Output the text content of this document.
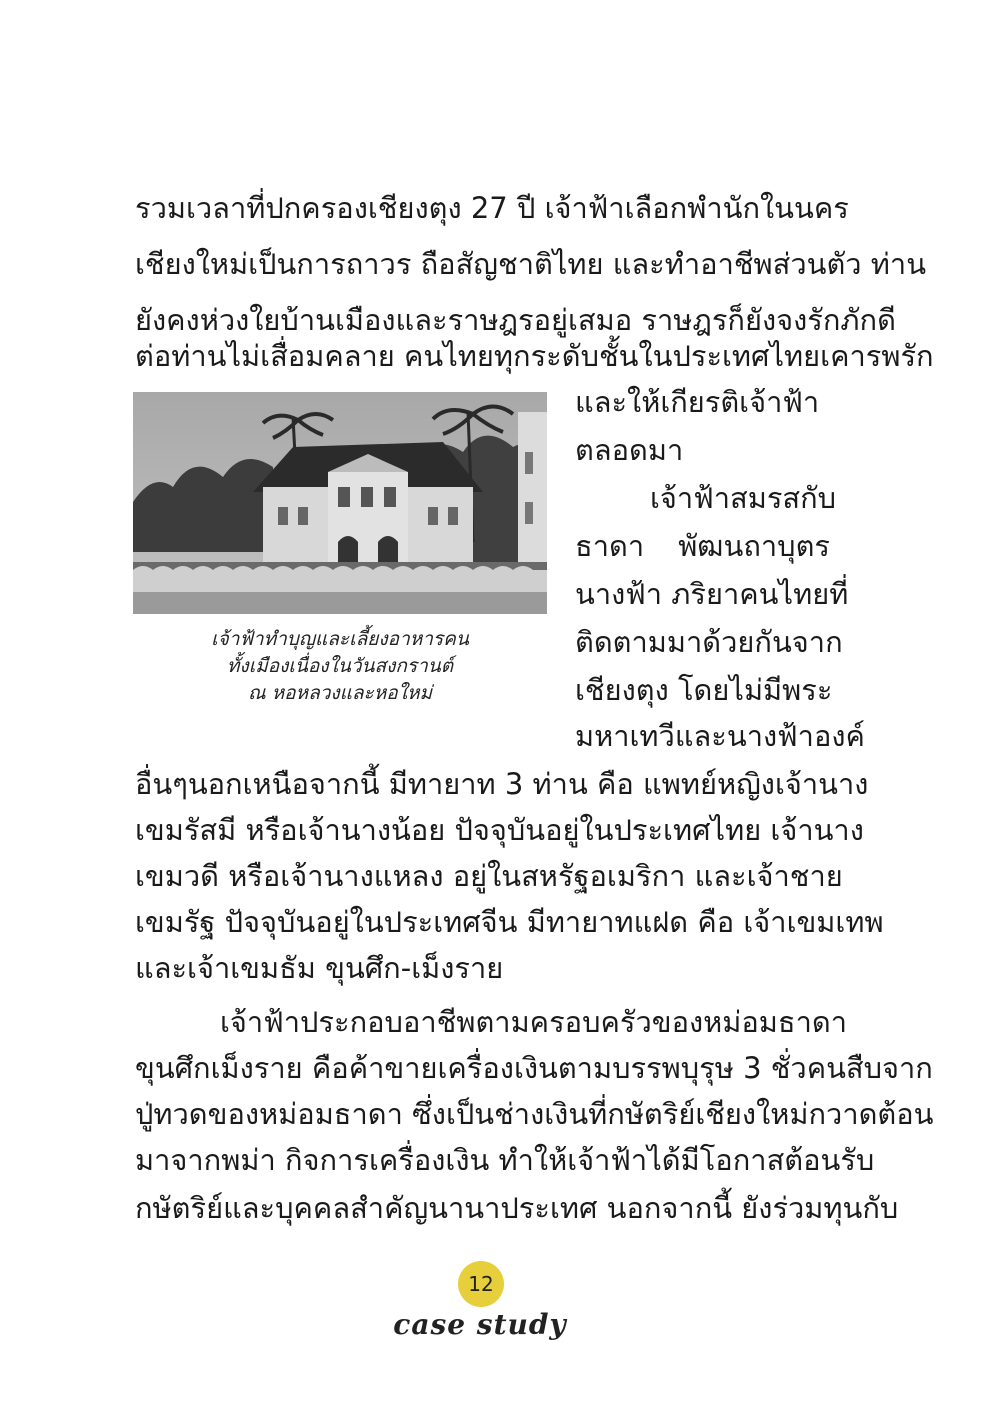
รวมเวลาที่ปกครองเชียงตุง 27 ปี เจ้าฟ้าเลือกพำนักในนคร
เชียงใหม่เป็นการถาวร ถือสัญชาติไทย และทำอาชีพส่วนตัว ท่าน
ยังคงห่วงใยบ้านเมืองและราษฎรอยู่เสมอ ราษฎรก็ยังจงรักภักดี
ต่อท่านไม่เสื่อมคลาย คนไทยทุกระดับชั้นในประเทศไทยเคารพรัก
และให้เกียรติเจ้าฟ้า
ตลอดมา
เจ้าฟ้าสมรสกับ
ธาดา พัฒนถาบุตร
นางฟ้า ภริยาคนไทยที่
ติดตามมาด้วยกันจาก
เชียงตุง โดยไม่มีพระ
มหาเทวีและนางฟ้าองค์
เจ้าฟ้าทำบุญและเลี้ยงอาหารคน
ทั้งเมืองเนื่องในวันสงกรานต์
ณ หอหลวงและหอใหม่
อื่นๆนอกเหนือจากนี้ มีทายาท 3 ท่าน คือ แพทย์หญิงเจ้านาง
เขมรัสมี หรือเจ้านางน้อย ปัจจุบันอยู่ในประเทศไทย เจ้านาง
เขมวดี หรือเจ้านางแหลง อยู่ในสหรัฐอเมริกา และเจ้าชาย
เขมรัฐ ปัจจุบันอยู่ในประเทศจีน มีทายาทแฝด คือ เจ้าเขมเทพ
และเจ้าเขมธัม ขุนศึก-เม็งราย
เจ้าฟ้าประกอบอาชีพตามครอบครัวของหม่อมธาดา
ขุนศึกเม็งราย คือค้าขายเครื่องเงินตามบรรพบุรุษ 3 ชั่วคนสืบจาก
ปู่ทวดของหม่อมธาดา ซึ่งเป็นช่างเงินที่กษัตริย์เชียงใหม่กวาดต้อน
มาจากพม่า กิจการเครื่องเงิน ทำให้เจ้าฟ้าได้มีโอกาสต้อนรับ
กษัตริย์และบุคคลสำคัญนานาประเทศ นอกจากนี้ ยังร่วมทุนกับ
12
case study
